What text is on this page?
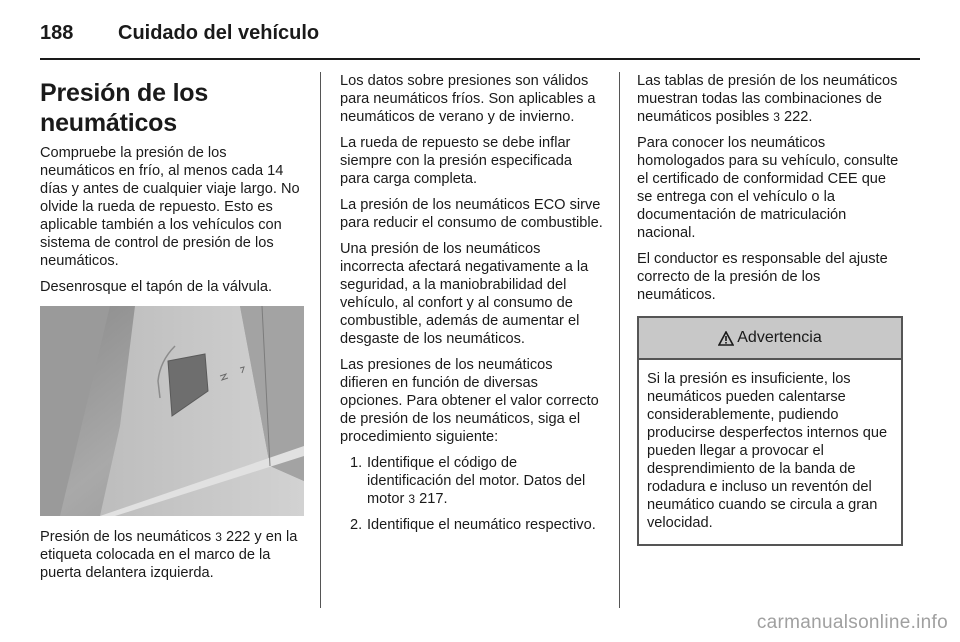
188 Cuidado del vehículo
Presión de los neumáticos

Compruebe la presión de los neumáticos en frío, al menos cada 14 días y antes de cualquier viaje largo. No olvide la rueda de repuesto. Esto es aplicable también a los vehículos con sistema de control de presión de los neumáticos.

Desenrosque el tapón de la válvula.

Presión de los neumáticos 3 222 y en la etiqueta colocada en el marco de la puerta delantera izquierda.

Los datos sobre presiones son válidos para neumáticos fríos. Son aplicables a neumáticos de verano y de invierno.

La rueda de repuesto se debe inflar siempre con la presión especificada para carga completa.

La presión de los neumáticos ECO sirve para reducir el consumo de combustible.

Una presión de los neumáticos incorrecta afectará negativamente a la seguridad, a la maniobrabilidad del vehículo, al confort y al consumo de combustible, además de aumentar el desgaste de los neumáticos.

Las presiones de los neumáticos difieren en función de diversas opciones. Para obtener el valor correcto de presión de los neumáticos, siga el procedimiento siguiente:

1. Identifique el código de identificación del motor. Datos del motor 3 217.
2. Identifique el neumático respectivo.

Las tablas de presión de los neumáticos muestran todas las combinaciones de neumáticos posibles 3 222.

Para conocer los neumáticos homologados para su vehículo, consulte el certificado de conformidad CEE que se entrega con el vehículo o la documentación de matriculación nacional.

El conductor es responsable del ajuste correcto de la presión de los neumáticos.

Advertencia
Si la presión es insuficiente, los neumáticos pueden calentarse considerablemente, pudiendo producirse desperfectos internos que pueden llegar a provocar el desprendimiento de la banda de rodadura e incluso un reventón del neumático cuando se circula a gran velocidad.
carmanualsonline.info
